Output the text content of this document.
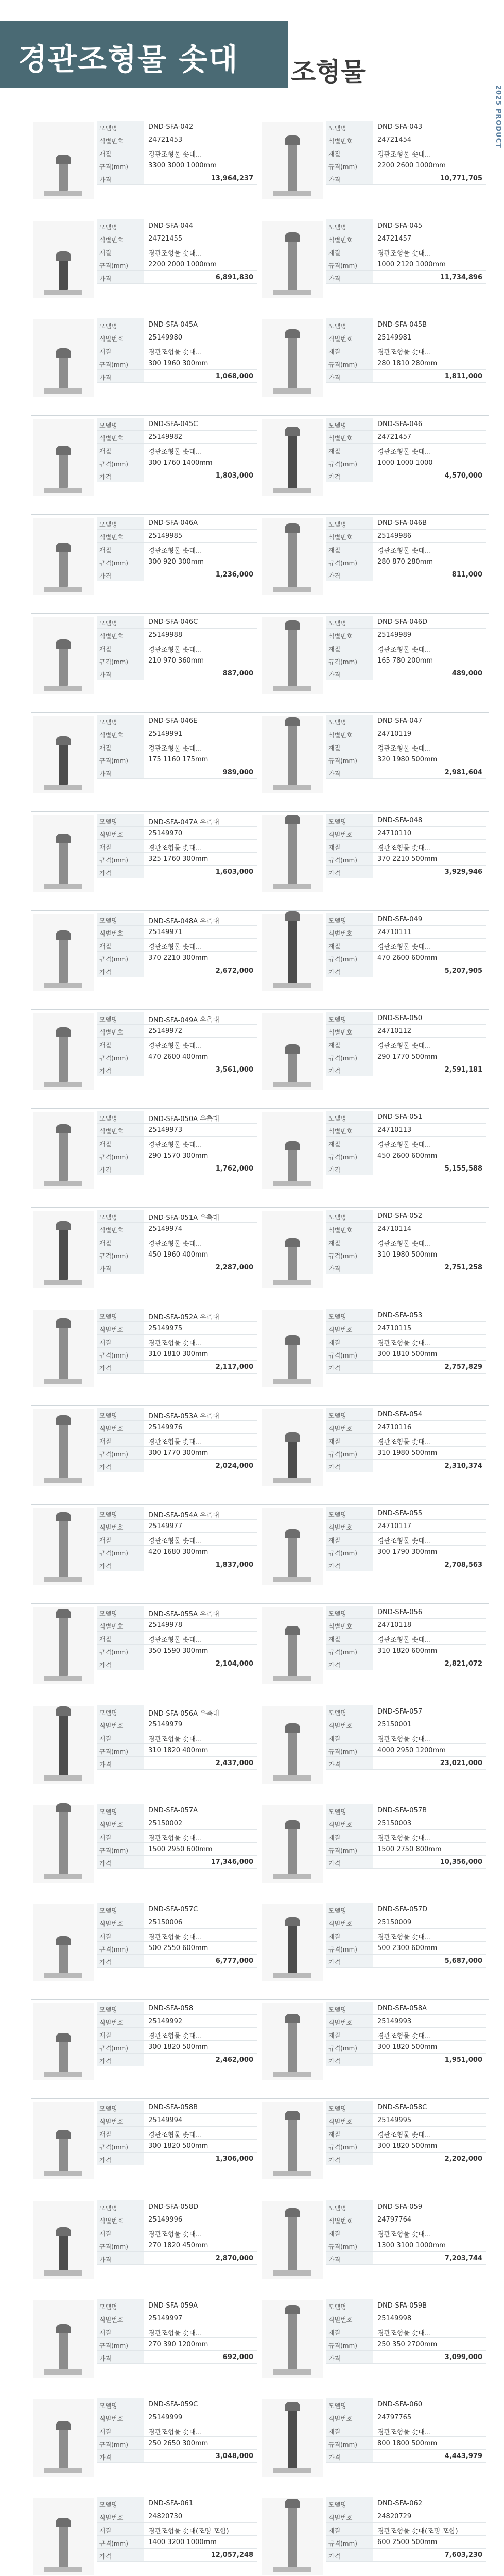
경관조형물 솟대 조형물
2025 PRODUCT
모델명	DND-SFA-042
식별번호	24721453
재질	경관조형물 솟대...
규격(mm)	3300 3000 1000mm
가격	13,964,237
모델명	DND-SFA-043
식별번호	24721454
재질	경관조형물 솟대...
규격(mm)	2200 2600 1000mm
가격	10,771,705
모델명	DND-SFA-044
식별번호	24721455
재질	경관조형물 솟대...
규격(mm)	2200 2000 1000mm
가격	6,891,830
모델명	DND-SFA-045
식별번호	24721457
재질	경관조형물 솟대...
규격(mm)	1000 2120 1000mm
가격	11,734,896
모델명	DND-SFA-045A
식별번호	25149980
재질	경관조형물 솟대...
규격(mm)	300 1960 300mm
가격	1,068,000
모델명	DND-SFA-045B
식별번호	25149981
재질	경관조형물 솟대...
규격(mm)	280 1810 280mm
가격	1,811,000
모델명	DND-SFA-045C
식별번호	25149982
재질	경관조형물 솟대...
규격(mm)	300 1760 1400mm
가격	1,803,000
모델명	DND-SFA-046
식별번호	24721457
재질	경관조형물 솟대...
규격(mm)	1000 1000 1000
가격	4,570,000
모델명	DND-SFA-046A
식별번호	25149985
재질	경관조형물 솟대...
규격(mm)	300 920 300mm
가격	1,236,000
모델명	DND-SFA-046B
식별번호	25149986
재질	경관조형물 솟대...
규격(mm)	280 870 280mm
가격	811,000
모델명	DND-SFA-046C
식별번호	25149988
재질	경관조형물 솟대...
규격(mm)	210 970 360mm
가격	887,000
모델명	DND-SFA-046D
식별번호	25149989
재질	경관조형물 솟대...
규격(mm)	165 780 200mm
가격	489,000
모델명	DND-SFA-046E
식별번호	25149991
재질	경관조형물 솟대...
규격(mm)	175 1160 175mm
가격	989,000
모델명	DND-SFA-047
식별번호	24710119
재질	경관조형물 솟대...
규격(mm)	320 1980 500mm
가격	2,981,604
모델명	DND-SFA-047A 우측대
식별번호	25149970
재질	경관조형물 솟대...
규격(mm)	325 1760 300mm
가격	1,603,000
모델명	DND-SFA-048
식별번호	24710110
재질	경관조형물 솟대...
규격(mm)	370 2210 500mm
가격	3,929,946
모델명	DND-SFA-048A 우측대
식별번호	25149971
재질	경관조형물 솟대...
규격(mm)	370 2210 300mm
가격	2,672,000
모델명	DND-SFA-049
식별번호	24710111
재질	경관조형물 솟대...
규격(mm)	470 2600 600mm
가격	5,207,905
모델명	DND-SFA-049A 우측대
식별번호	25149972
재질	경관조형물 솟대...
규격(mm)	470 2600 400mm
가격	3,561,000
모델명	DND-SFA-050
식별번호	24710112
재질	경관조형물 솟대...
규격(mm)	290 1770 500mm
가격	2,591,181
모델명	DND-SFA-050A 우측대
식별번호	25149973
재질	경관조형물 솟대...
규격(mm)	290 1570 300mm
가격	1,762,000
모델명	DND-SFA-051
식별번호	24710113
재질	경관조형물 솟대...
규격(mm)	450 2600 600mm
가격	5,155,588
모델명	DND-SFA-051A 우측대
식별번호	25149974
재질	경관조형물 솟대...
규격(mm)	450 1960 400mm
가격	2,287,000
모델명	DND-SFA-052
식별번호	24710114
재질	경관조형물 솟대...
규격(mm)	310 1980 500mm
가격	2,751,258
모델명	DND-SFA-052A 우측대
식별번호	25149975
재질	경관조형물 솟대...
규격(mm)	310 1810 300mm
가격	2,117,000
모델명	DND-SFA-053
식별번호	24710115
재질	경관조형물 솟대...
규격(mm)	300 1810 500mm
가격	2,757,829
모델명	DND-SFA-053A 우측대
식별번호	25149976
재질	경관조형물 솟대...
규격(mm)	300 1770 300mm
가격	2,024,000
모델명	DND-SFA-054
식별번호	24710116
재질	경관조형물 솟대...
규격(mm)	310 1980 500mm
가격	2,310,374
모델명	DND-SFA-054A 우측대
식별번호	25149977
재질	경관조형물 솟대...
규격(mm)	420 1680 300mm
가격	1,837,000
모델명	DND-SFA-055
식별번호	24710117
재질	경관조형물 솟대...
규격(mm)	300 1790 300mm
가격	2,708,563
모델명	DND-SFA-055A 우측대
식별번호	25149978
재질	경관조형물 솟대...
규격(mm)	350 1590 300mm
가격	2,104,000
모델명	DND-SFA-056
식별번호	24710118
재질	경관조형물 솟대...
규격(mm)	310 1820 600mm
가격	2,821,072
모델명	DND-SFA-056A 우측대
식별번호	25149979
재질	경관조형물 솟대...
규격(mm)	310 1820 400mm
가격	2,437,000
모델명	DND-SFA-057
식별번호	25150001
재질	경관조형물 솟대...
규격(mm)	4000 2950 1200mm
가격	23,021,000
모델명	DND-SFA-057A
식별번호	25150002
재질	경관조형물 솟대...
규격(mm)	1500 2950 600mm
가격	17,346,000
모델명	DND-SFA-057B
식별번호	25150003
재질	경관조형물 솟대...
규격(mm)	1500 2750 800mm
가격	10,356,000
모델명	DND-SFA-057C
식별번호	25150006
재질	경관조형물 솟대...
규격(mm)	500 2550 600mm
가격	6,777,000
모델명	DND-SFA-057D
식별번호	25150009
재질	경관조형물 솟대...
규격(mm)	500 2300 600mm
가격	5,687,000
모델명	DND-SFA-058
식별번호	25149992
재질	경관조형물 솟대...
규격(mm)	300 1820 500mm
가격	2,462,000
모델명	DND-SFA-058A
식별번호	25149993
재질	경관조형물 솟대...
규격(mm)	300 1820 500mm
가격	1,951,000
모델명	DND-SFA-058B
식별번호	25149994
재질	경관조형물 솟대...
규격(mm)	300 1820 500mm
가격	1,306,000
모델명	DND-SFA-058C
식별번호	25149995
재질	경관조형물 솟대...
규격(mm)	300 1820 500mm
가격	2,202,000
모델명	DND-SFA-058D
식별번호	25149996
재질	경관조형물 솟대...
규격(mm)	270 1820 450mm
가격	2,870,000
모델명	DND-SFA-059
식별번호	24797764
재질	경관조형물 솟대...
규격(mm)	1300 3100 1000mm
가격	7,203,744
모델명	DND-SFA-059A
식별번호	25149997
재질	경관조형물 솟대...
규격(mm)	270 390 1200mm
가격	692,000
모델명	DND-SFA-059B
식별번호	25149998
재질	경관조형물 솟대...
규격(mm)	250 350 2700mm
가격	3,099,000
모델명	DND-SFA-059C
식별번호	25149999
재질	경관조형물 솟대...
규격(mm)	250 2650 300mm
가격	3,048,000
모델명	DND-SFA-060
식별번호	24797765
재질	경관조형물 솟대...
규격(mm)	800 1800 500mm
가격	4,443,979
모델명	DND-SFA-061
식별번호	24820730
재질	경관조형물 솟대(조명 포함)
규격(mm)	1400 3200 1000mm
가격	12,057,248
모델명	DND-SFA-062
식별번호	24820729
재질	경관조형물 솟대(조명 포함)
규격(mm)	600 2500 500mm
가격	7,603,230
